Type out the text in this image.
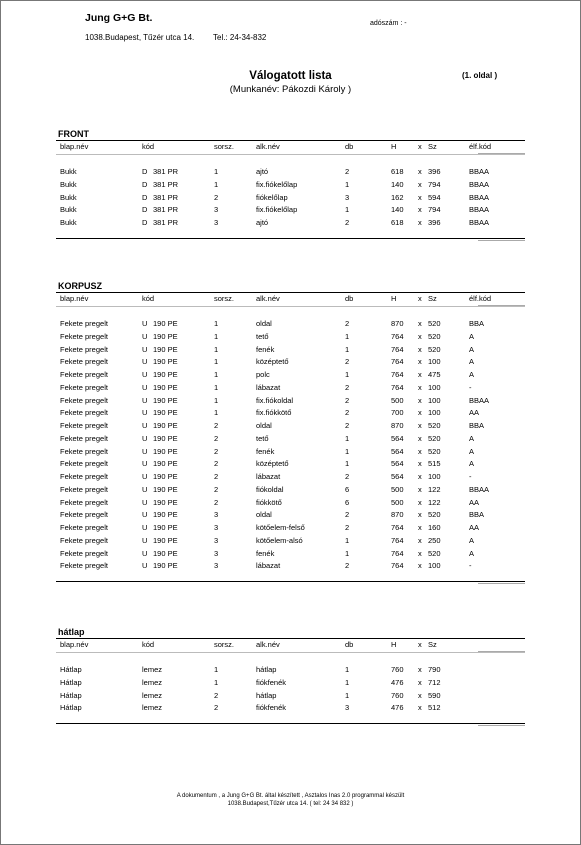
Jung G+G Bt.
1038.Budapest, Tűzér utca 14. Tel.: 24-34-832
adószám : -
Válogatott lista
(Munkanév: Pákozdi Károly )
(1. oldal )
FRONT
blap.név	kód	sorsz.	alk.név	db	H	x Sz	élf.kód
Bukk	D 381 PR	1	ajtó	2	618 x 396	BBAA
Bukk	D 381 PR	1	fix.fiókelőlap	1	140 x 794	BBAA
Bukk	D 381 PR	2	fiókelőlap	3	162 x 594	BBAA
Bukk	D 381 PR	3	fix.fiókelőlap	1	140 x 794	BBAA
Bukk	D 381 PR	3	ajtó	2	618 x 396	BBAA
KORPUSZ
blap.név	kód	sorsz.	alk.név	db	H	x Sz	élf.kód
Fekete pregelt	U 190 PE	1	oldal	2	870 x 520	BBA
Fekete pregelt	U 190 PE	1	tető	1	764 x 520	A
Fekete pregelt	U 190 PE	1	fenék	1	764 x 520	A
Fekete pregelt	U 190 PE	1	középtető	2	764 x 100	A
Fekete pregelt	U 190 PE	1	polc	1	764 x 475	A
Fekete pregelt	U 190 PE	1	lábazat	2	764 x 100	-
Fekete pregelt	U 190 PE	1	fix.fiókoldal	2	500 x 100	BBAA
Fekete pregelt	U 190 PE	1	fix.fiókkötő	2	700 x 100	AA
Fekete pregelt	U 190 PE	2	oldal	2	870 x 520	BBA
Fekete pregelt	U 190 PE	2	tető	1	564 x 520	A
Fekete pregelt	U 190 PE	2	fenék	1	564 x 520	A
Fekete pregelt	U 190 PE	2	középtető	1	564 x 515	A
Fekete pregelt	U 190 PE	2	lábazat	2	564 x 100	-
Fekete pregelt	U 190 PE	2	fiókoldal	6	500 x 122	BBAA
Fekete pregelt	U 190 PE	2	fiókkötő	6	500 x 122	AA
Fekete pregelt	U 190 PE	3	oldal	2	870 x 520	BBA
Fekete pregelt	U 190 PE	3	kötőelem-felső	2	764 x 160	AA
Fekete pregelt	U 190 PE	3	kötőelem-alsó	1	764 x 250	A
Fekete pregelt	U 190 PE	3	fenék	1	764 x 520	A
Fekete pregelt	U 190 PE	3	lábazat	2	764 x 100	-
hátlap
blap.név	kód	sorsz.	alk.név	db	H	x Sz
Hátlap	lemez	1	hátlap	1	760 x 790
Hátlap	lemez	1	fiókfenék	1	476 x 712
Hátlap	lemez	2	hátlap	1	760 x 590
Hátlap	lemez	2	fiókfenék	3	476 x 512
A dokumentum , a Jung G+G Bt. által készített , Asztalos Inas 2.0 programmal készült
1038.Budapest,Tűzér utca 14. ( tel: 24 34 832 )
